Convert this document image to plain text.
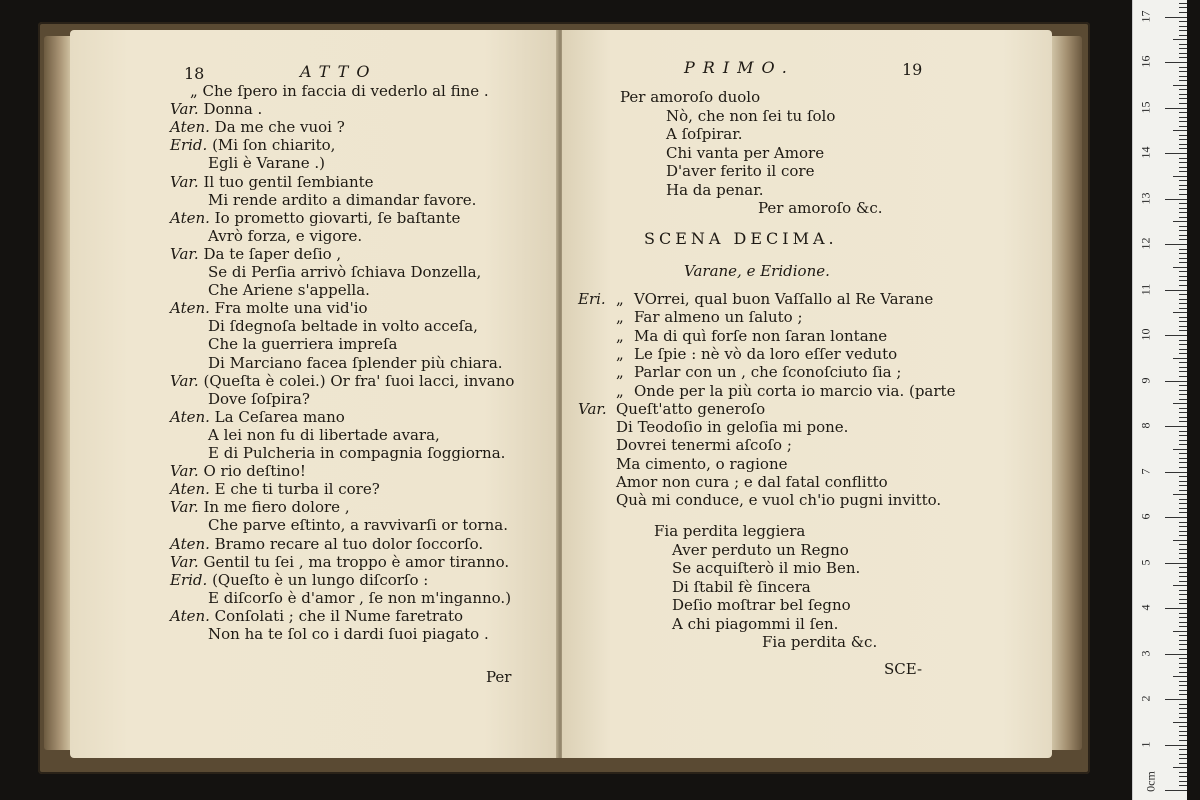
18	ATTO
„ Che ſpero in faccia di vederlo al fine .
Var. Donna .
Aten. Da me che vuoi ?
Erid. (Mi ſon chiarito,
Egli è Varane .)
Var. Il tuo gentil ſembiante
Mi rende ardito a dimandar favore.
Aten. Io prometto giovarti, ſe baſtante
Avrò forza, e vigore.
Var. Da te ſaper deſio ,
Se di Perſia arrivò ſchiava Donzella,
Che Ariene s'appella.
Aten. Fra molte una vid'io
Di ſdegnoſa beltade in volto acceſa,
Che la guerriera impreſa
Di Marciano facea ſplender più chiara.
Var. (Queſta è colei.) Or fra' ſuoi lacci, invano
Dove ſoſpira?
Aten. La Ceſarea mano
A lei non fu di libertade avara,
E di Pulcheria in compagnia ſoggiorna.
Var. O rio deſtino!
Aten. E che ti turba il core?
Var. In me fiero dolore ,
Che parve eſtinto, a ravvivarſi or torna.
Aten. Bramo recare al tuo dolor ſoccorſo.
Var. Gentil tu ſei , ma troppo è amor tiranno.
Erid. (Queſto è un lungo diſcorſo :
E diſcorſo è d'amor , ſe non m'inganno.)
Aten. Conſolati ; che il Nume faretrato
Non ha te ſol co i dardi ſuoi piagato .
Per
PRIMO.	19
Per amoroſo duolo
Nò, che non ſei tu ſolo
A ſoſpirar.
Chi vanta per Amore
D'aver ferito il core
Ha da penar.
Per amoroſo &c.
SCENA DECIMA.
Varane, e Eridione.
Eri. „ VOrrei, qual buon Vaſſallo al Re Varane
„ Far almeno un ſaluto ;
„ Ma di quì forſe non ſaran lontane
„ Le ſpie : nè vò da loro eſſer veduto
„ Parlar con un , che ſconoſciuto ſia ;
„ Onde per la più corta io marcio via. (parte
Var. Queſt'atto generoſo
Di Teodoſio in geloſia mi pone.
Dovrei tenermi aſcoſo ;
Ma cimento, o ragione
Amor non cura ; e dal fatal conflitto
Quà mi conduce, e vuol ch'io pugni invitto.
Fia perdita leggiera
Aver perduto un Regno
Se acquiſterò il mio Ben.
Di ſtabil fè ſincera
Deſio moſtrar bel ſegno
A chi piagommi il ſen.
Fia perdita &c.
SCE-
0cm
1
2
3
4
5
6
7
8
9
10
11
12
13
14
15
16
17
